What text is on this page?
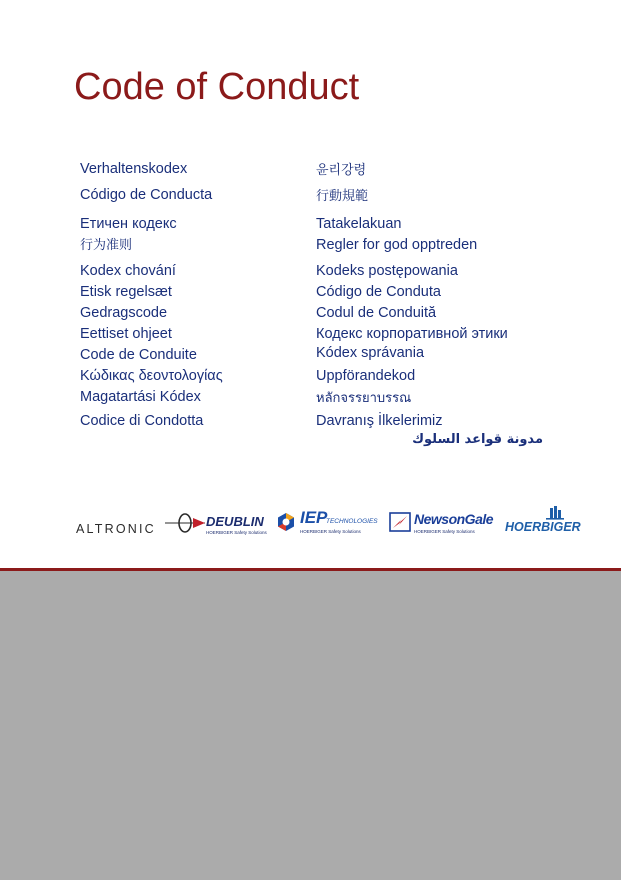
Code of Conduct
Verhaltenskodex
Código de Conducta
Етичен кодекс
行为准则
Kodex chování
Etisk regelsæt
Gedragscode
Eettiset ohjeet
Code de Conduite
Κώδικας δεοντολογίας
Magatartási Kódex
Codice di Condotta
윤리강령
行動規範
Tatakelakuan
Regler for god opptreden
Kodeks postępowania
Código de Conduta
Codul de Conduită
Кодекс корпоративной этики
Kódex správania
Uppförandekod
หลักจรรยาบรรณ
Davranış İlkelerimiz
مدونة قواعد السلوك
ALTRONIC	DEUBLIN
HOERBIGER Safety Solutions
IEP
TECHNOLOGIES
HOERBIGER Safety Solutions
NewsonGale
HOERBIGER Safety Solutions HOERBIGER
